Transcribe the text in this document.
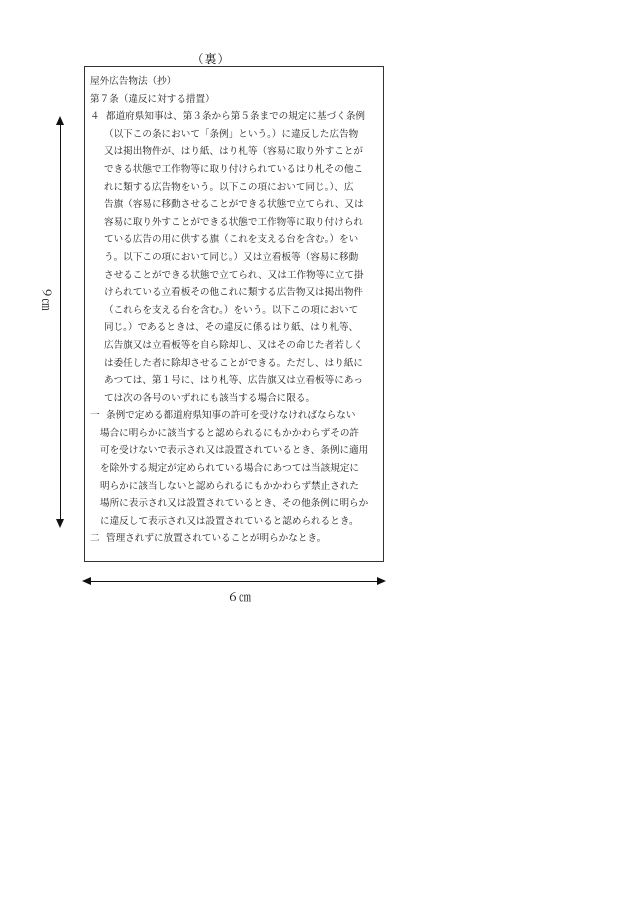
（裏）

屋外広告物法（抄）

第７条（違反に対する措置）

４ 都道府県知事は、第３条から第５条までの規定に基づく条例
（以下この条において「条例」という。）に違反した広告物
又は掲出物件が、はり紙、はり札等（容易に取り外すことが
できる状態で工作物等に取り付けられているはり札その他こ
れに類する広告物をいう。以下この項において同じ。）、広
告旗（容易に移動させることができる状態で立てられ、又は
容易に取り外すことができる状態で工作物等に取り付けられ
ている広告の用に供する旗（これを支える台を含む。）をい
う。以下この項において同じ。）又は立看板等（容易に移動
させることができる状態で立てられ、又は工作物等に立て掛
けられている立看板その他これに類する広告物又は掲出物件
（これらを支える台を含む。）をいう。以下この項において
同じ。）であるときは、その違反に係るはり紙、はり札等、
広告旗又は立看板等を自ら除却し、又はその命じた者若しく
は委任した者に除却させることができる。ただし、はり紙に
あつては、第１号に、はり札等、広告旗又は立看板等にあっ
ては次の各号のいずれにも該当する場合に限る。
一 条例で定める都道府県知事の許可を受けなければならない
場合に明らかに該当すると認められるにもかかわらずその許
可を受けないで表示され又は設置されているとき、条例に適用
を除外する規定が定められている場合にあつては当該規定に
明らかに該当しないと認められるにもかかわらず禁止された
場所に表示され又は設置されているとき、その他条例に明らか
に違反して表示され又は設置されていると認められるとき。

二 管理されずに放置されていることが明らかなとき。

９㎝
６㎝
